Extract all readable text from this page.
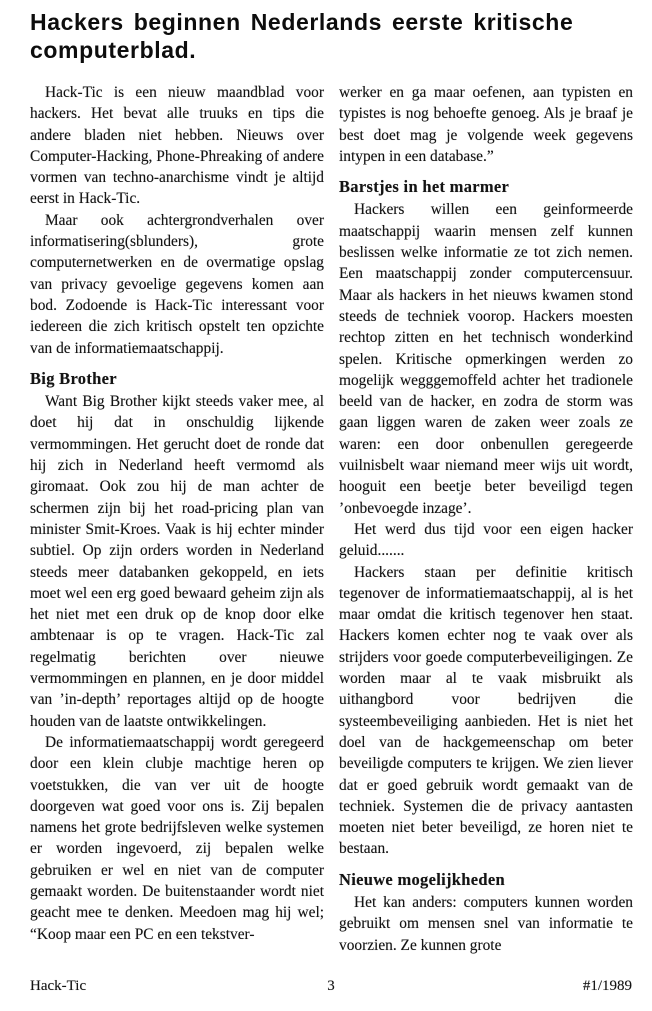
Hackers beginnen Nederlands eerste kritische
computerblad.

Hack-Tic is een nieuw maandblad voor hackers. Het bevat alle truuks en tips die andere bladen niet hebben. Nieuws over Computer-Hacking, Phone-Phreaking of andere vormen van techno-anarchisme vindt je altijd eerst in Hack-Tic.

Maar ook achtergrondverhalen over informatisering(sblunders), grote computernetwerken en de overmatige opslag van privacy gevoelige gegevens komen aan bod. Zodoende is Hack-Tic interessant voor iedereen die zich kritisch opstelt ten opzichte van de informatiemaatschappij.

Big Brother

Want Big Brother kijkt steeds vaker mee, al doet hij dat in onschuldig lijkende vermommingen. Het gerucht doet de ronde dat hij zich in Nederland heeft vermomd als giromaat. Ook zou hij de man achter de schermen zijn bij het road-pricing plan van minister Smit-Kroes. Vaak is hij echter minder subtiel. Op zijn orders worden in Nederland steeds meer databanken gekoppeld, en iets moet wel een erg goed bewaard geheim zijn als het niet met een druk op de knop door elke ambtenaar is op te vragen. Hack-Tic zal regelmatig berichten over nieuwe vermommingen en plannen, en je door middel van ’in-depth’ reportages altijd op de hoogte houden van de laatste ontwikkelingen.

De informatiemaatschappij wordt geregeerd door een klein clubje machtige heren op voetstukken, die van ver uit de hoogte doorgeven wat goed voor ons is. Zij bepalen namens het grote bedrijfsleven welke systemen er worden ingevoerd, zij bepalen welke gebruiken er wel en niet van de computer gemaakt worden. De buitenstaander wordt niet geacht mee te denken. Meedoen mag hij wel; “Koop maar een PC en een tekstver-

werker en ga maar oefenen, aan typisten en typistes is nog behoefte genoeg. Als je braaf je best doet mag je volgende week gegevens intypen in een database.”

Barstjes in het marmer

Hackers willen een geinformeerde maatschappij waarin mensen zelf kunnen beslissen welke informatie ze tot zich nemen. Een maatschappij zonder computercensuur. Maar als hackers in het nieuws kwamen stond steeds de techniek voorop. Hackers moesten rechtop zitten en het technisch wonderkind spelen. Kritische opmerkingen werden zo mogelijk wegggemoffeld achter het tradionele beeld van de hacker, en zodra de storm was gaan liggen waren de zaken weer zoals ze waren: een door onbenullen geregeerde vuilnisbelt waar niemand meer wijs uit wordt, hooguit een beetje beter beveiligd tegen ’onbevoegde inzage’.

Het werd dus tijd voor een eigen hacker geluid.......

Hackers staan per definitie kritisch tegenover de informatiemaatschappij, al is het maar omdat die kritisch tegenover hen staat. Hackers komen echter nog te vaak over als strijders voor goede computerbeveiligingen. Ze worden maar al te vaak misbruikt als uithangbord voor bedrijven die systeembeveiliging aanbieden. Het is niet het doel van de hackgemeenschap om beter beveiligde computers te krijgen. We zien liever dat er goed gebruik wordt gemaakt van de techniek. Systemen die de privacy aantasten moeten niet beter beveiligd, ze horen niet te bestaan.

Nieuwe mogelijkheden

Het kan anders: computers kunnen worden gebruikt om mensen snel van informatie te voorzien. Ze kunnen grote

Hack-Tic	3	#1/1989
